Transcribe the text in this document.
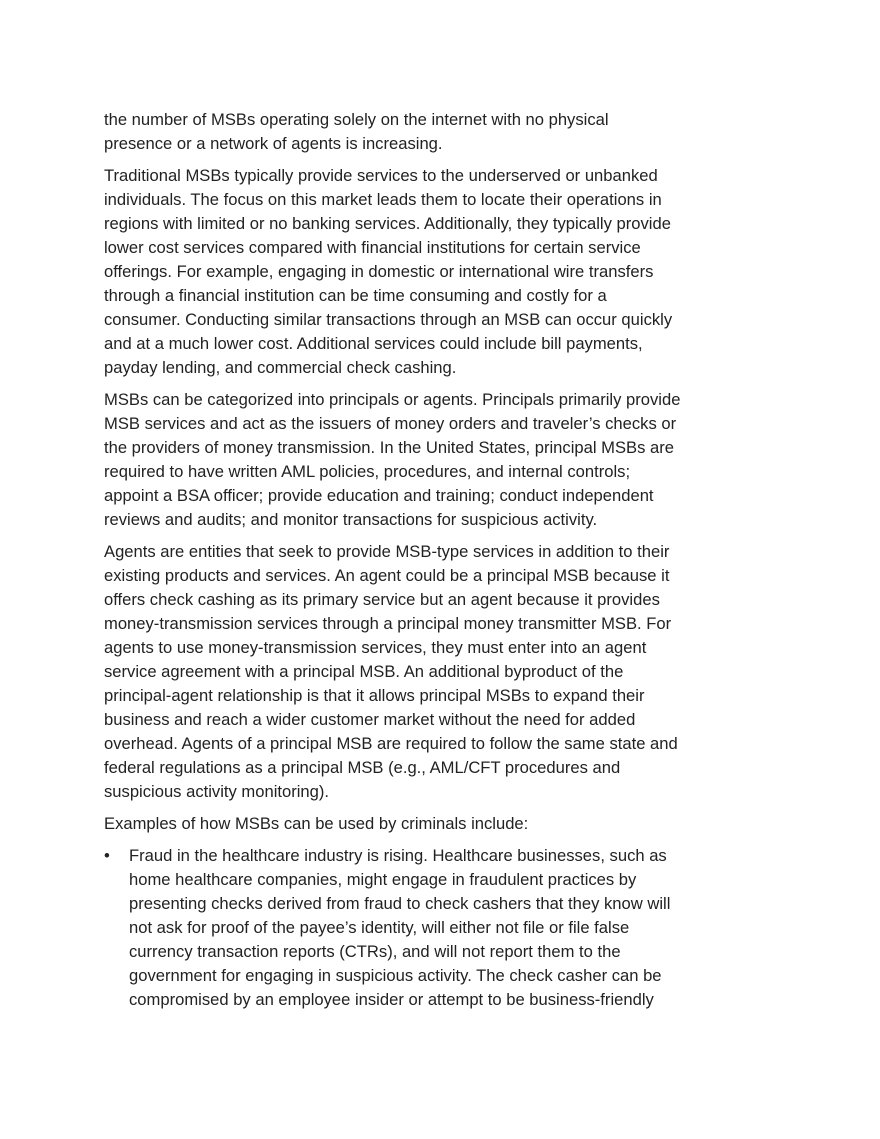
the number of MSBs operating solely on the internet with no physical
presence or a network of agents is increasing.

Traditional MSBs typically provide services to the underserved or unbanked
individuals. The focus on this market leads them to locate their operations in
regions with limited or no banking services. Additionally, they typically provide
lower cost services compared with financial institutions for certain service
offerings. For example, engaging in domestic or international wire transfers
through a financial institution can be time consuming and costly for a
consumer. Conducting similar transactions through an MSB can occur quickly
and at a much lower cost. Additional services could include bill payments,
payday lending, and commercial check cashing.

MSBs can be categorized into principals or agents. Principals primarily provide
MSB services and act as the issuers of money orders and traveler’s checks or
the providers of money transmission. In the United States, principal MSBs are
required to have written AML policies, procedures, and internal controls;
appoint a BSA officer; provide education and training; conduct independent
reviews and audits; and monitor transactions for suspicious activity.

Agents are entities that seek to provide MSB-type services in addition to their
existing products and services. An agent could be a principal MSB because it
offers check cashing as its primary service but an agent because it provides
money-transmission services through a principal money transmitter MSB. For
agents to use money-transmission services, they must enter into an agent
service agreement with a principal MSB. An additional byproduct of the
principal-agent relationship is that it allows principal MSBs to expand their
business and reach a wider customer market without the need for added
overhead. Agents of a principal MSB are required to follow the same state and
federal regulations as a principal MSB (e.g., AML/CFT procedures and
suspicious activity monitoring).

Examples of how MSBs can be used by criminals include:

• Fraud in the healthcare industry is rising. Healthcare businesses, such as
home healthcare companies, might engage in fraudulent practices by
presenting checks derived from fraud to check cashers that they know will
not ask for proof of the payee’s identity, will either not file or file false
currency transaction reports (CTRs), and will not report them to the
government for engaging in suspicious activity. The check casher can be
compromised by an employee insider or attempt to be business-friendly
